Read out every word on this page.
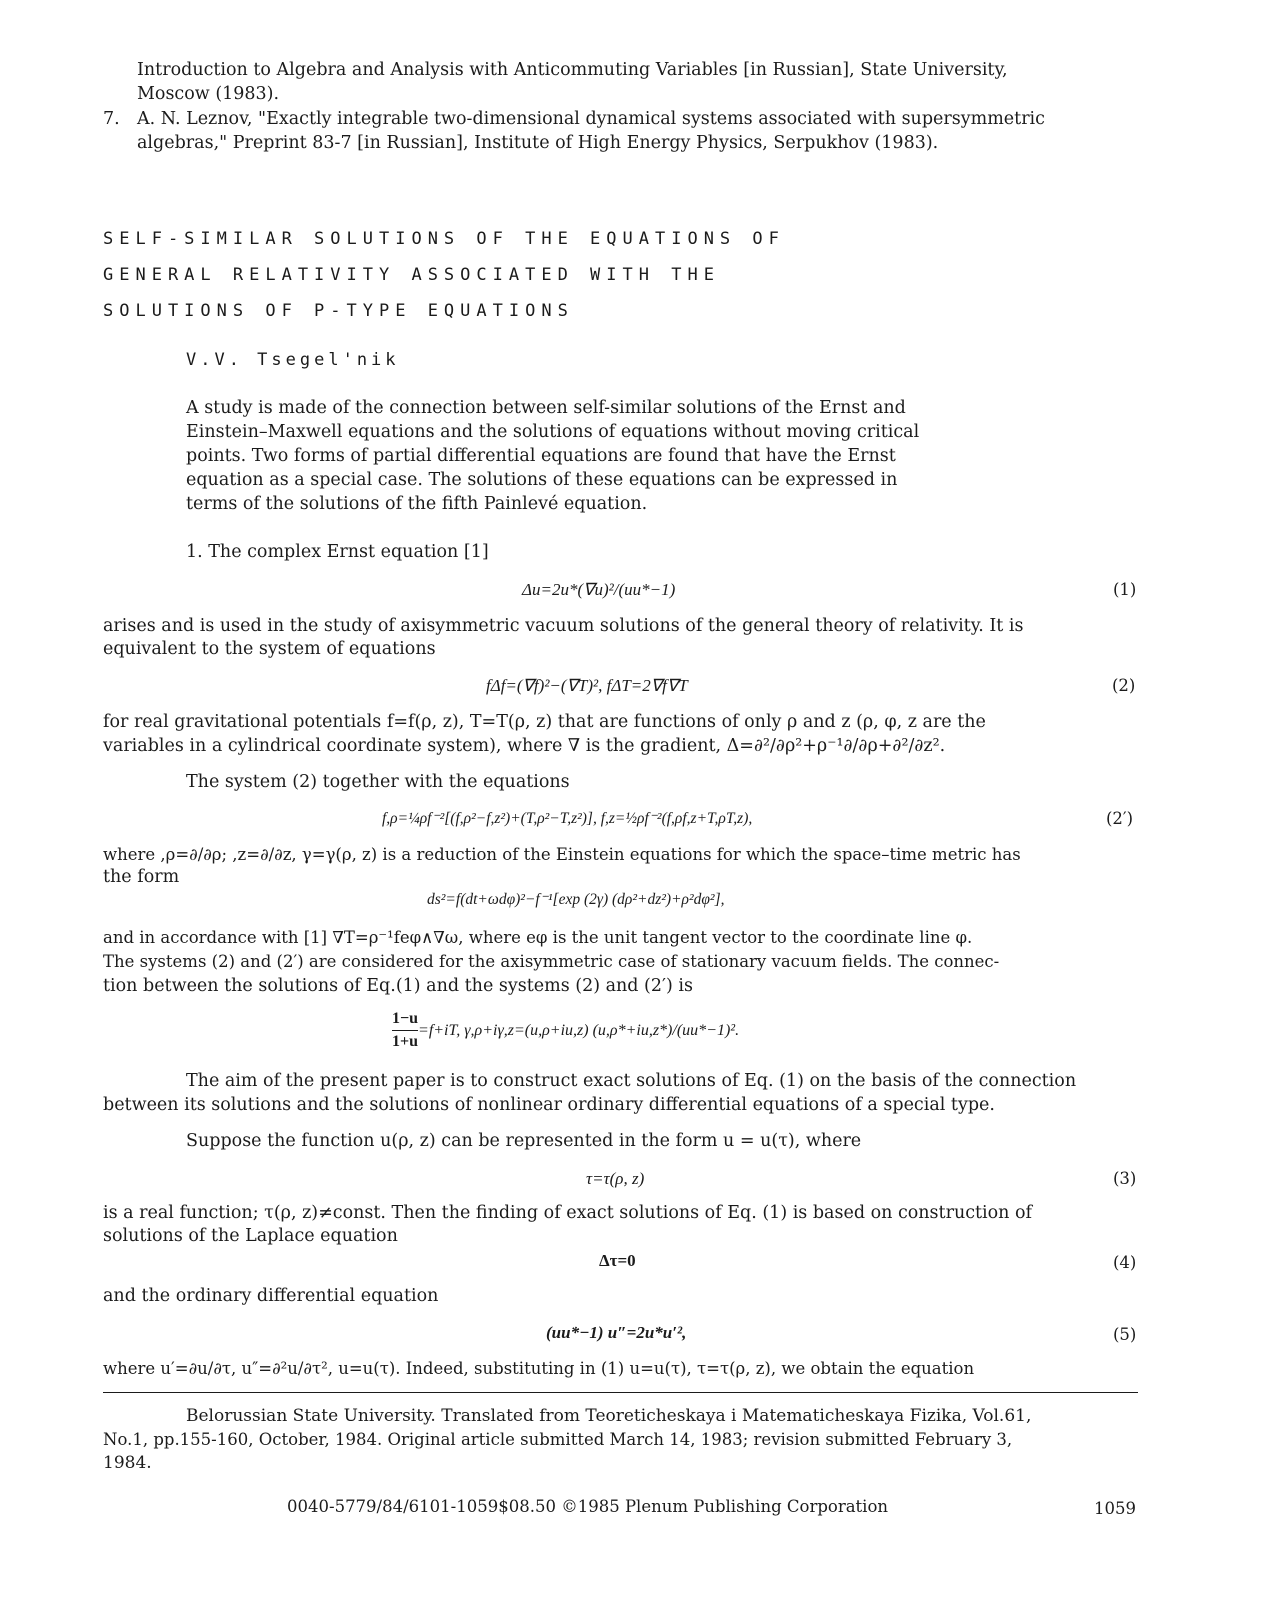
Introduction to Algebra and Analysis with Anticommuting Variables [in Russian], State University,
Moscow (1983).
7. A. N. Leznov, "Exactly integrable two-dimensional dynamical systems associated with supersymmetric
algebras," Preprint 83-7 [in Russian], Institute of High Energy Physics, Serpukhov (1983).
SELF-SIMILAR SOLUTIONS OF THE EQUATIONS OF
GENERAL RELATIVITY ASSOCIATED WITH THE
SOLUTIONS OF P-TYPE EQUATIONS
V.V. Tsegel'nik
A study is made of the connection between self-similar solutions of the Ernst and
Einstein–Maxwell equations and the solutions of equations without moving critical
points. Two forms of partial differential equations are found that have the Ernst
equation as a special case. The solutions of these equations can be expressed in
terms of the solutions of the fifth Painlevé equation.
1. The complex Ernst equation [1]
Δu=2u*(∇u)²/(uu*−1)	(1)
arises and is used in the study of axisymmetric vacuum solutions of the general theory of relativity. It is
equivalent to the system of equations
fΔf=(∇f)²−(∇T)², fΔT=2∇f∇T	(2)
for real gravitational potentials f=f(ρ, z), T=T(ρ, z) that are functions of only ρ and z (ρ, φ, z are the
variables in a cylindrical coordinate system), where ∇ is the gradient, Δ=∂²/∂ρ²+ρ⁻¹∂/∂ρ+∂²/∂z².
The system (2) together with the equations
f,ρ=¼ρf⁻²[(f,ρ²−f,z²)+(T,ρ²−T,z²)], f,z=½ρf⁻²(f,ρf,z+T,ρT,z),	(2′)
where ,ρ=∂/∂ρ; ,z=∂/∂z, γ=γ(ρ, z) is a reduction of the Einstein equations for which the space–time metric has
the form
ds²=f(dt+ωdφ)²−f⁻¹[exp (2γ) (dρ²+dz²)+ρ²dφ²],
and in accordance with [1] ∇T=ρ⁻¹feφ∧∇ω, where eφ is the unit tangent vector to the coordinate line φ.
The systems (2) and (2′) are considered for the axisymmetric case of stationary vacuum fields. The connec-
tion between the solutions of Eq.(1) and the systems (2) and (2′) is
$\frac{1-u}{1+u} =f+iT$, γ,ρ+iγ,z=(u,ρ+iu,z) (u,ρ*+iu,z*)/(uu*−1)².
The aim of the present paper is to construct exact solutions of Eq. (1) on the basis of the connection
between its solutions and the solutions of nonlinear ordinary differential equations of a special type.
Suppose the function u(ρ, z) can be represented in the form u = u(τ), where
τ=τ(ρ, z)	(3)
is a real function; τ(ρ, z)≠const. Then the finding of exact solutions of Eq. (1) is based on construction of
solutions of the Laplace equation
Δτ=0	(4)
and the ordinary differential equation
(uu*−1) u″=2u*u′²,	(5)
where u′=∂u/∂τ, u″=∂²u/∂τ², u=u(τ). Indeed, substituting in (1) u=u(τ), τ=τ(ρ, z), we obtain the equation
Belorussian State University. Translated from Teoreticheskaya i Matematicheskaya Fizika, Vol.61,
No.1, pp.155-160, October, 1984. Original article submitted March 14, 1983; revision submitted February 3,
1984.
0040-5779/84/6101-1059$08.50 ©1985 Plenum Publishing Corporation	1059
